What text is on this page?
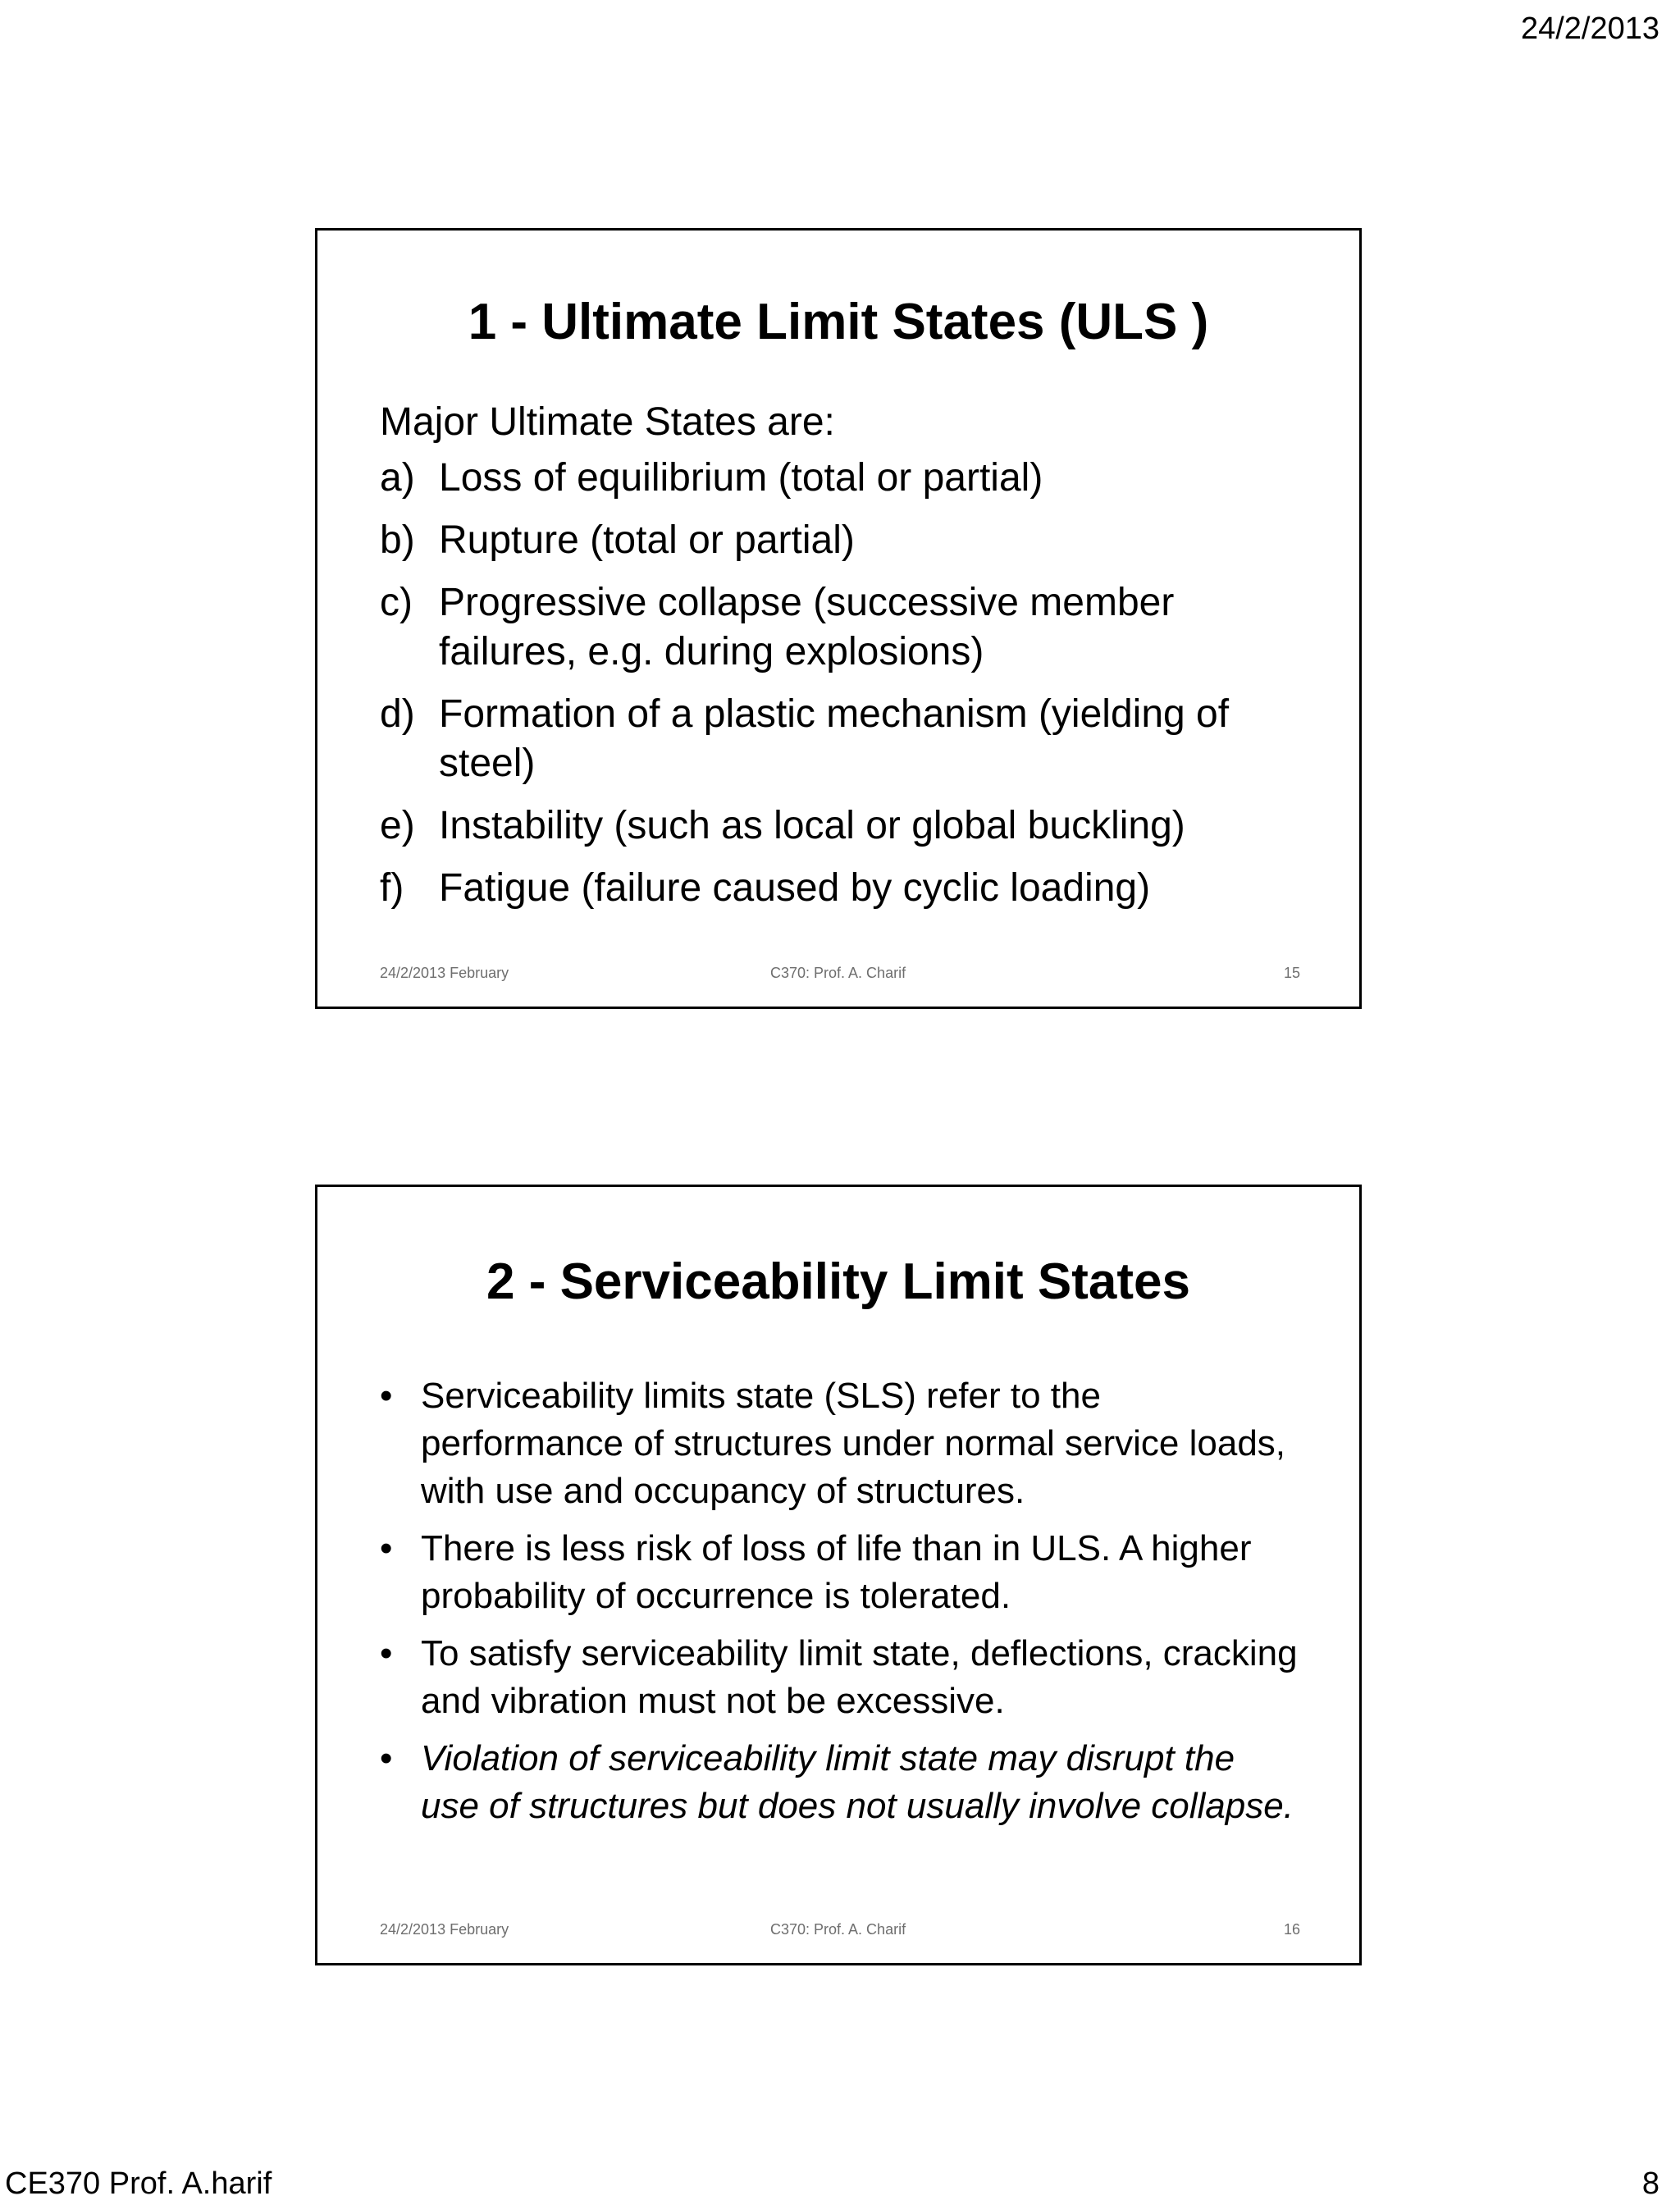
24/2/2013
1 - Ultimate Limit States (ULS )
Major Ultimate States are:
a) Loss of equilibrium (total or partial)
b) Rupture (total or partial)
c) Progressive collapse (successive member failures, e.g. during explosions)
d) Formation of a plastic mechanism (yielding of steel)
e) Instability (such as local or global buckling)
f) Fatigue (failure caused by cyclic loading)
24/2/2013 February	C370: Prof. A. Charif	15
2 - Serviceability Limit States
• Serviceability limits state (SLS) refer to the performance of structures under normal service loads, with use and occupancy of structures.
• There is less risk of loss of life than in ULS. A higher probability of occurrence is tolerated.
• To satisfy serviceability limit state, deflections, cracking and vibration must not be excessive.
• Violation of serviceability limit state may disrupt the use of structures but does not usually involve collapse.
24/2/2013 February	C370: Prof. A. Charif	16
CE370 Prof. A.harif	8
